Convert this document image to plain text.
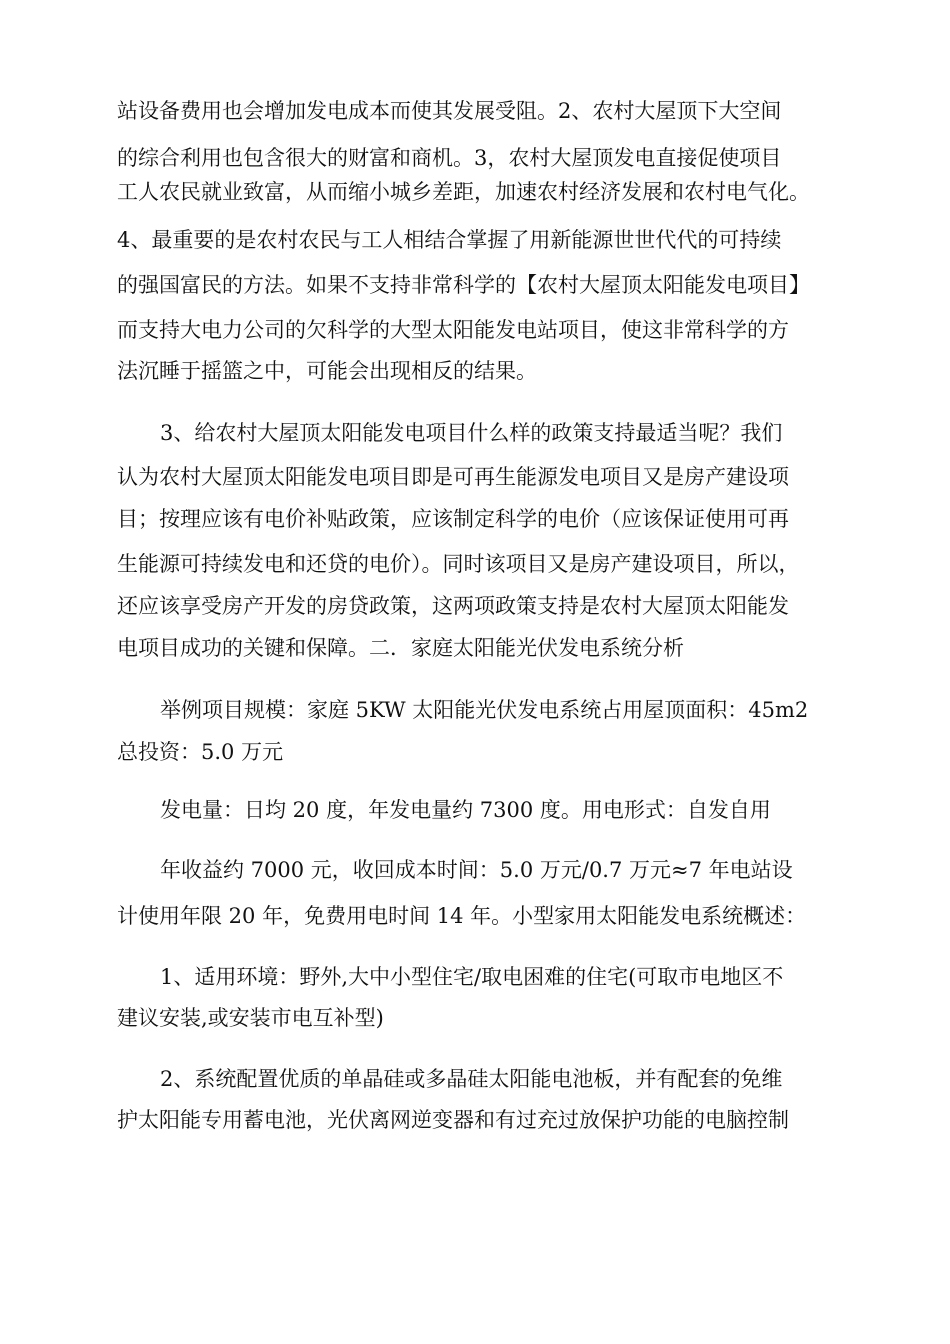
站设备费用也会增加发电成本而使其发展受阻。2、农村大屋顶下大空间
的综合利用也包含很大的财富和商机。3，农村大屋顶发电直接促使项目
工人农民就业致富，从而缩小城乡差距，加速农村经济发展和农村电气化。
4、最重要的是农村农民与工人相结合掌握了用新能源世世代代的可持续
的强国富民的方法。如果不支持非常科学的【农村大屋顶太阳能发电项目】
而支持大电力公司的欠科学的大型太阳能发电站项目，使这非常科学的方
法沉睡于摇篮之中，可能会出现相反的结果。
3、给农村大屋顶太阳能发电项目什么样的政策支持最适当呢？我们
认为农村大屋顶太阳能发电项目即是可再生能源发电项目又是房产建设项
目；按理应该有电价补贴政策，应该制定科学的电价（应该保证使用可再
生能源可持续发电和还贷的电价）。同时该项目又是房产建设项目，所以，
还应该享受房产开发的房贷政策，这两项政策支持是农村大屋顶太阳能发
电项目成功的关键和保障。二．家庭太阳能光伏发电系统分析
举例项目规模：家庭 5KW 太阳能光伏发电系统占用屋顶面积：45m2
总投资：5.0 万元
发电量：日均 20 度，年发电量约 7300 度。用电形式：自发自用
年收益约 7000 元，收回成本时间：5.0 万元/0.7 万元≈7 年电站设
计使用年限 20 年，免费用电时间 14 年。小型家用太阳能发电系统概述：
1、适用环境：野外,大中小型住宅/取电困难的住宅(可取市电地区不
建议安装,或安装市电互补型)
2、系统配置优质的单晶硅或多晶硅太阳能电池板，并有配套的免维
护太阳能专用蓄电池，光伏离网逆变器和有过充过放保护功能的电脑控制
